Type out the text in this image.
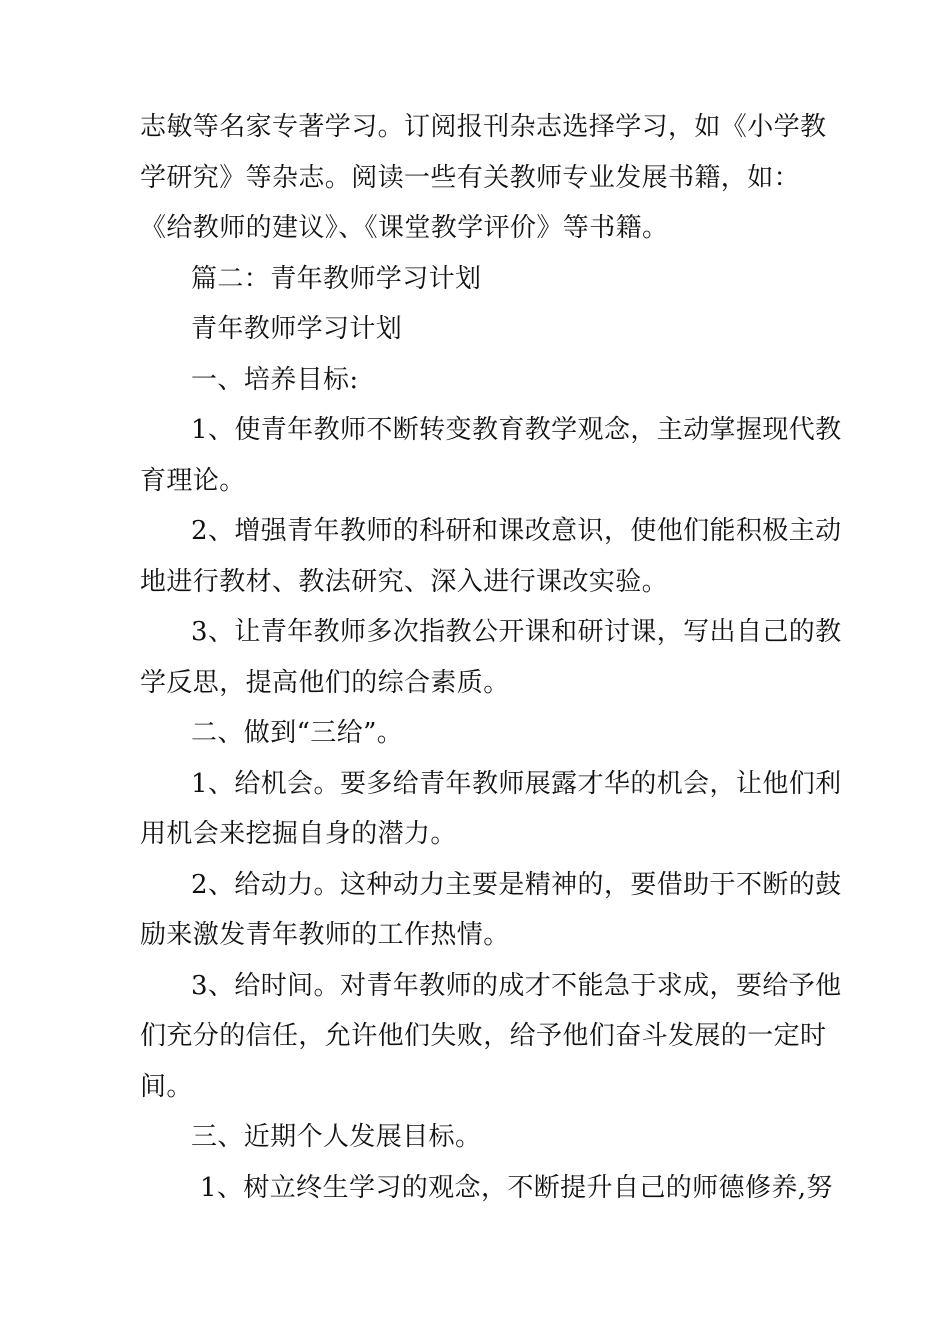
志敏等名家专著学习。订阅报刊杂志选择学习，如《小学教
学研究》等杂志。阅读一些有关教师专业发展书籍，如：
《给教师的建议》、《课堂教学评价》等书籍。
篇二：青年教师学习计划
青年教师学习计划
一、培养目标:
1、使青年教师不断转变教育教学观念，主动掌握现代教
育理论。
2、增强青年教师的科研和课改意识，使他们能积极主动
地进行教材、教法研究、深入进行课改实验。
3、让青年教师多次指教公开课和研讨课，写出自己的教
学反思，提高他们的综合素质。
二、做到“三给”。
1、给机会。要多给青年教师展露才华的机会，让他们利
用机会来挖掘自身的潜力。
2、给动力。这种动力主要是精神的，要借助于不断的鼓
励来激发青年教师的工作热情。
3、给时间。对青年教师的成才不能急于求成，要给予他
们充分的信任，允许他们失败，给予他们奋斗发展的一定时
间。
三、近期个人发展目标。
1、树立终生学习的观念，不断提升自己的师德修养,努
